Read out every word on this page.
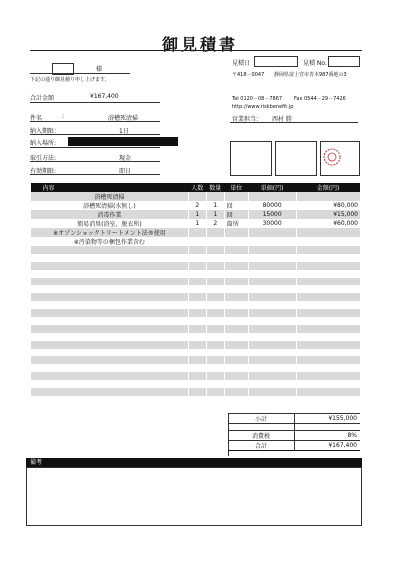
御見積書
見積日	見積 No.
様
下記の通り御見積り申し上げます。
〒418－0047 静岡県富士宮市青木987番地の3
Tel 0120－08－7867 Fax 0544－29－7426
http://www.riskbenefit.jp
営業担当： 西村 勝
合計金額	¥167,400
件名	:	浴槽死清掃
納入期限：	1日
納入場所:
取引方法:	現金
有効期限:	即日
内容	人数	数量	単位	単価(円)	金額(円)
浴槽死清掃					
浴槽死清掃(水無し)	2	1	回	80000	¥80,000
消毒作業	1	1	回	15000	¥15,000
簡易消臭(浴室、脱衣所)	1	2	箇所	30000	¥60,000
※オゾンショックトリートメント法®使用					
※汚染物等の梱包作業含む					

小計	¥155,000

消費税	8%
合計	¥167,400
備考
